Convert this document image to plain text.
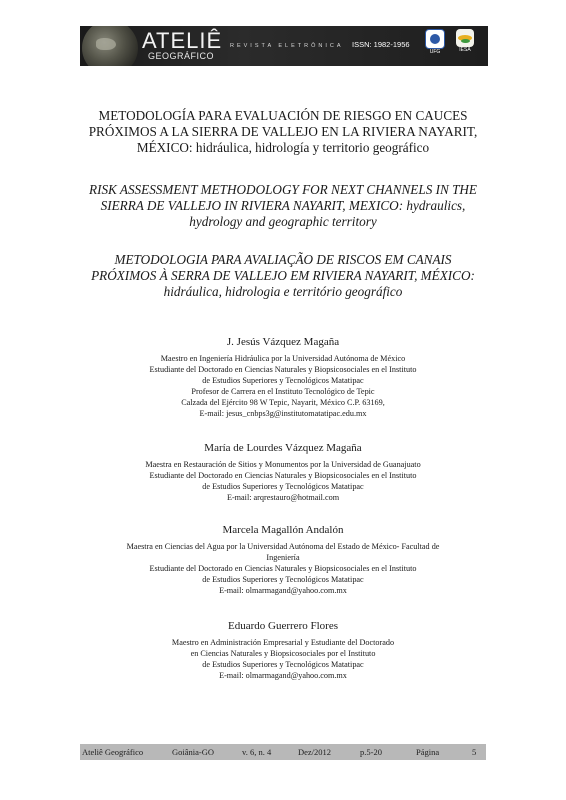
ATELIÊ
GEOGRÁFICO
REVISTA ELETRÔNICA ISSN: 1982-1956
UFG	IESA
METODOLOGÍA PARA EVALUACIÓN DE RIESGO EN CAUCES
PRÓXIMOS A LA SIERRA DE VALLEJO EN LA RIVIERA NAYARIT,
MÉXICO: hidráulica, hidrología y territorio geográfico
RISK ASSESSMENT METHODOLOGY FOR NEXT CHANNELS IN THE
SIERRA DE VALLEJO IN RIVIERA NAYARIT, MEXICO: hydraulics,
hydrology and geographic territory
METODOLOGIA PARA AVALIAÇÃO DE RISCOS EM CANAIS
PRÓXIMOS À SERRA DE VALLEJO EM RIVIERA NAYARIT, MÉXICO:
hidráulica, hidrologia e território geográfico
J. Jesús Vázquez Magaña
Maestro en Ingeniería Hidráulica por la Universidad Autónoma de México
Estudiante del Doctorado en Ciencias Naturales y Biopsicosociales en el Instituto
de Estudios Superiores y Tecnológicos Matatipac
Profesor de Carrera en el Instituto Tecnológico de Tepic
Calzada del Ejército 98 W Tepic, Nayarit, México C.P. 63169,
E-mail: jesus_cnbps3g@institutomatatipac.edu.mx
María de Lourdes Vázquez Magaña
Maestra en Restauración de Sitios y Monumentos por la Universidad de Guanajuato
Estudiante del Doctorado en Ciencias Naturales y Biopsicosociales en el Instituto
de Estudios Superiores y Tecnológicos Matatipac
E-mail: arqrestauro@hotmail.com
Marcela Magallón Andalón
Maestra en Ciencias del Agua por la Universidad Autónoma del Estado de México- Facultad de
Ingeniería
Estudiante del Doctorado en Ciencias Naturales y Biopsicosociales en el Instituto
de Estudios Superiores y Tecnológicos Matatipac
E-mail: olmarmagand@yahoo.com.mx
Eduardo Guerrero Flores
Maestro en Administración Empresarial y Estudiante del Doctorado
en Ciencias Naturales y Biopsicosociales por el Instituto
de Estudios Superiores y Tecnológicos Matatipac
E-mail: olmarmagand@yahoo.com.mx
Ateliê Geográfico	Goiânia-GO	v. 6, n. 4	Dez/2012	p.5-20	Página	5
